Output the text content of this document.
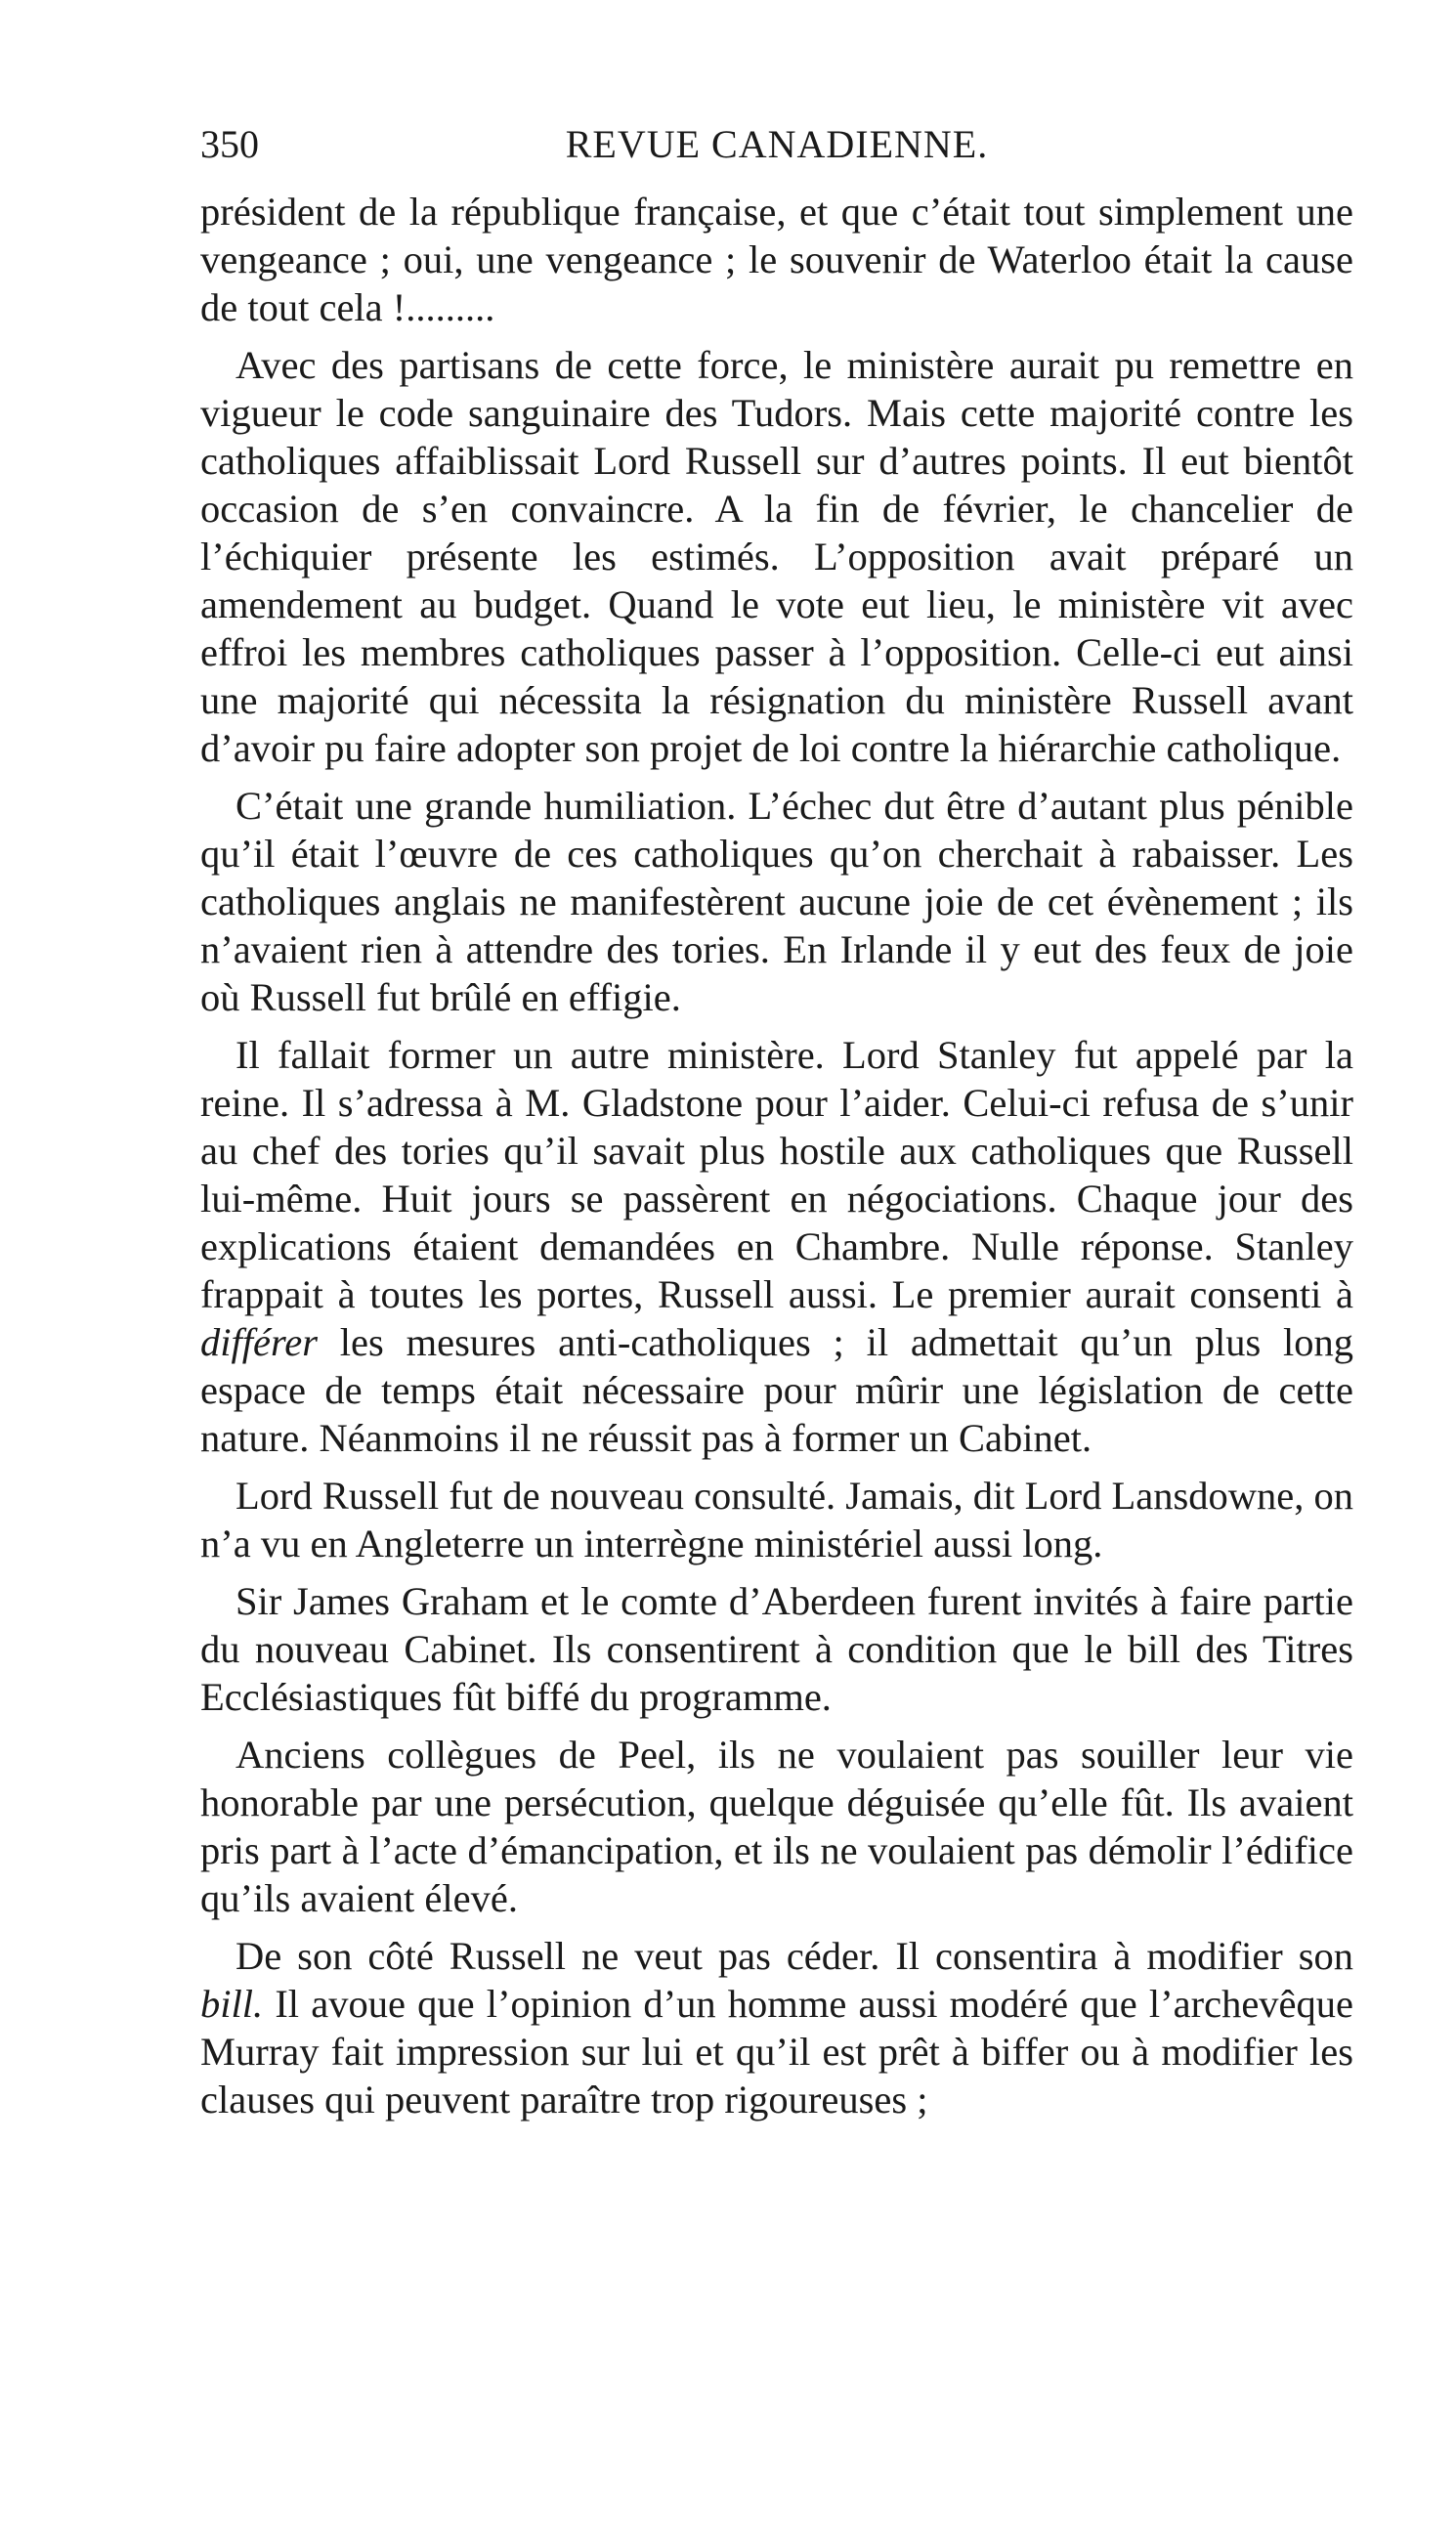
350	REVUE CANADIENNE.

président de la république française, et que c’était tout simplement une vengeance ; oui, une vengeance ; le souvenir de Waterloo était la cause de tout cela !.........

Avec des partisans de cette force, le ministère aurait pu remettre en vigueur le code sanguinaire des Tudors. Mais cette majorité contre les catholiques affaiblissait Lord Russell sur d’autres points. Il eut bientôt occasion de s’en convaincre. A la fin de février, le chancelier de l’échiquier présente les estimés. L’opposition avait préparé un amendement au budget. Quand le vote eut lieu, le ministère vit avec effroi les membres catholiques passer à l’opposition. Celle-ci eut ainsi une majorité qui nécessita la résignation du ministère Russell avant d’avoir pu faire adopter son projet de loi contre la hiérarchie catholique.

C’était une grande humiliation. L’échec dut être d’autant plus pénible qu’il était l’œuvre de ces catholiques qu’on cherchait à rabaisser. Les catholiques anglais ne manifestèrent aucune joie de cet évènement ; ils n’avaient rien à attendre des tories. En Irlande il y eut des feux de joie où Russell fut brûlé en effigie.

Il fallait former un autre ministère. Lord Stanley fut appelé par la reine. Il s’adressa à M. Gladstone pour l’aider. Celui-ci refusa de s’unir au chef des tories qu’il savait plus hostile aux catholiques que Russell lui-même. Huit jours se passèrent en négociations. Chaque jour des explications étaient demandées en Chambre. Nulle réponse. Stanley frappait à toutes les portes, Russell aussi. Le premier aurait consenti à différer les mesures anti-catholiques ; il admettait qu’un plus long espace de temps était nécessaire pour mûrir une législation de cette nature. Néanmoins il ne réussit pas à former un Cabinet.

Lord Russell fut de nouveau consulté. Jamais, dit Lord Lansdowne, on n’a vu en Angleterre un interrègne ministériel aussi long.

Sir James Graham et le comte d’Aberdeen furent invités à faire partie du nouveau Cabinet. Ils consentirent à condition que le bill des Titres Ecclésiastiques fût biffé du programme.

Anciens collègues de Peel, ils ne voulaient pas souiller leur vie honorable par une persécution, quelque déguisée qu’elle fût. Ils avaient pris part à l’acte d’émancipation, et ils ne voulaient pas démolir l’édifice qu’ils avaient élevé.

De son côté Russell ne veut pas céder. Il consentira à modifier son bill. Il avoue que l’opinion d’un homme aussi modéré que l’archevêque Murray fait impression sur lui et qu’il est prêt à biffer ou à modifier les clauses qui peuvent paraître trop rigoureuses ;
